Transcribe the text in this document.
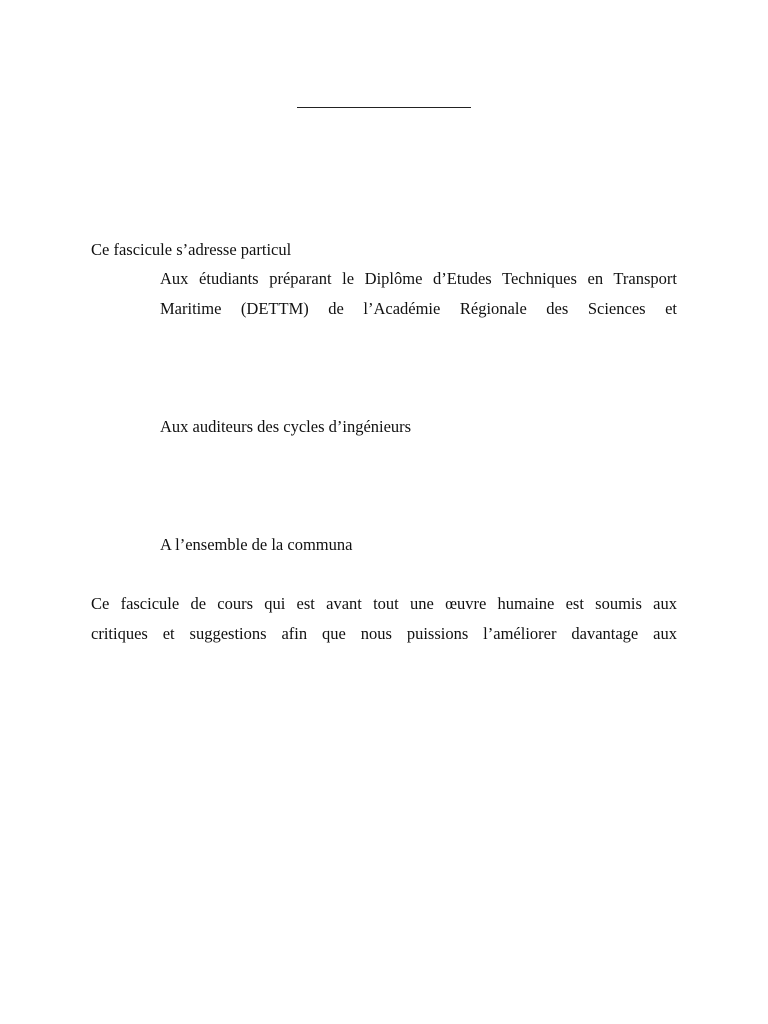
Ce fascicule s’adresse particul
Aux étudiants préparant le Diplôme d’Etudes Techniques en Transport
Maritime (DETTM) de l’Académie Régionale des Sciences et
Aux auditeurs des cycles d’ingénieurs
A l’ensemble de la communa
Ce fascicule de cours qui est avant tout une œuvre humaine est soumis aux
critiques et suggestions afin que nous puissions l’améliorer davantage aux
